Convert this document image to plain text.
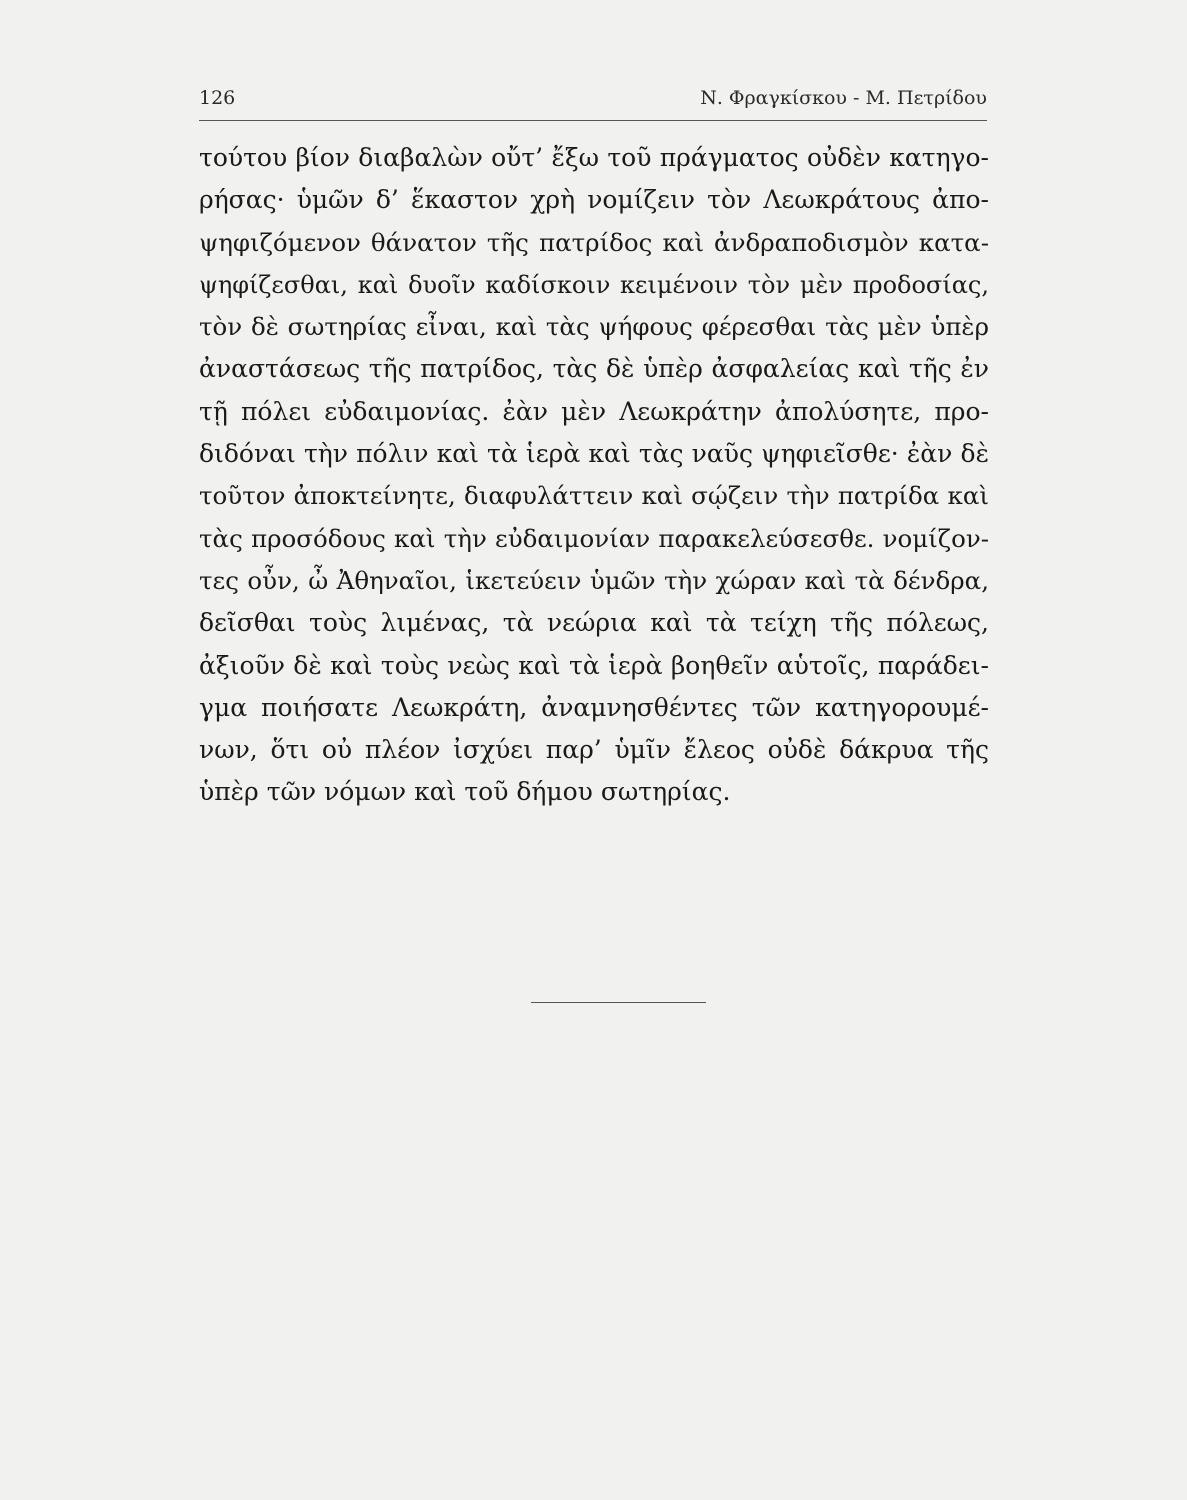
126	Ν. Φραγκίσκου - Μ. Πετρίδου
τούτου βίον διαβαλὼν οὔτ’ ἔξω τοῦ πράγματος οὐδὲν κατηγο-
ρήσας· ὑμῶν δ’ ἕκαστον χρὴ νομίζειν τὸν Λεωκράτους ἀπο-
ψηφιζόμενον θάνατον τῆς πατρίδος καὶ ἀνδραποδισμὸν κατα-
ψηφίζεσθαι, καὶ δυοῖν καδίσκοιν κειμένοιν τὸν μὲν προδοσίας,
τὸν δὲ σωτηρίας εἶναι, καὶ τὰς ψήφους φέρεσθαι τὰς μὲν ὑπὲρ
ἀναστάσεως τῆς πατρίδος, τὰς δὲ ὑπὲρ ἀσφαλείας καὶ τῆς ἐν
τῇ πόλει εὐδαιμονίας. ἐὰν μὲν Λεωκράτην ἀπολύσητε, προ-
διδόναι τὴν πόλιν καὶ τὰ ἱερὰ καὶ τὰς ναῦς ψηφιεῖσθε· ἐὰν δὲ
τοῦτον ἀποκτείνητε, διαφυλάττειν καὶ σῴζειν τὴν πατρίδα καὶ
τὰς προσόδους καὶ τὴν εὐδαιμονίαν παρακελεύσεσθε. νομίζον-
τες οὖν, ὦ Ἀθηναῖοι, ἱκετεύειν ὑμῶν τὴν χώραν καὶ τὰ δένδρα,
δεῖσθαι τοὺς λιμένας, τὰ νεώρια καὶ τὰ τείχη τῆς πόλεως,
ἀξιοῦν δὲ καὶ τοὺς νεὼς καὶ τὰ ἱερὰ βοηθεῖν αὑτοῖς, παράδει-
γμα ποιήσατε Λεωκράτη, ἀναμνησθέντες τῶν κατηγορουμέ-
νων, ὅτι οὐ πλέον ἰσχύει παρ’ ὑμῖν ἔλεος οὐδὲ δάκρυα τῆς
ὑπὲρ τῶν νόμων καὶ τοῦ δήμου σωτηρίας.
